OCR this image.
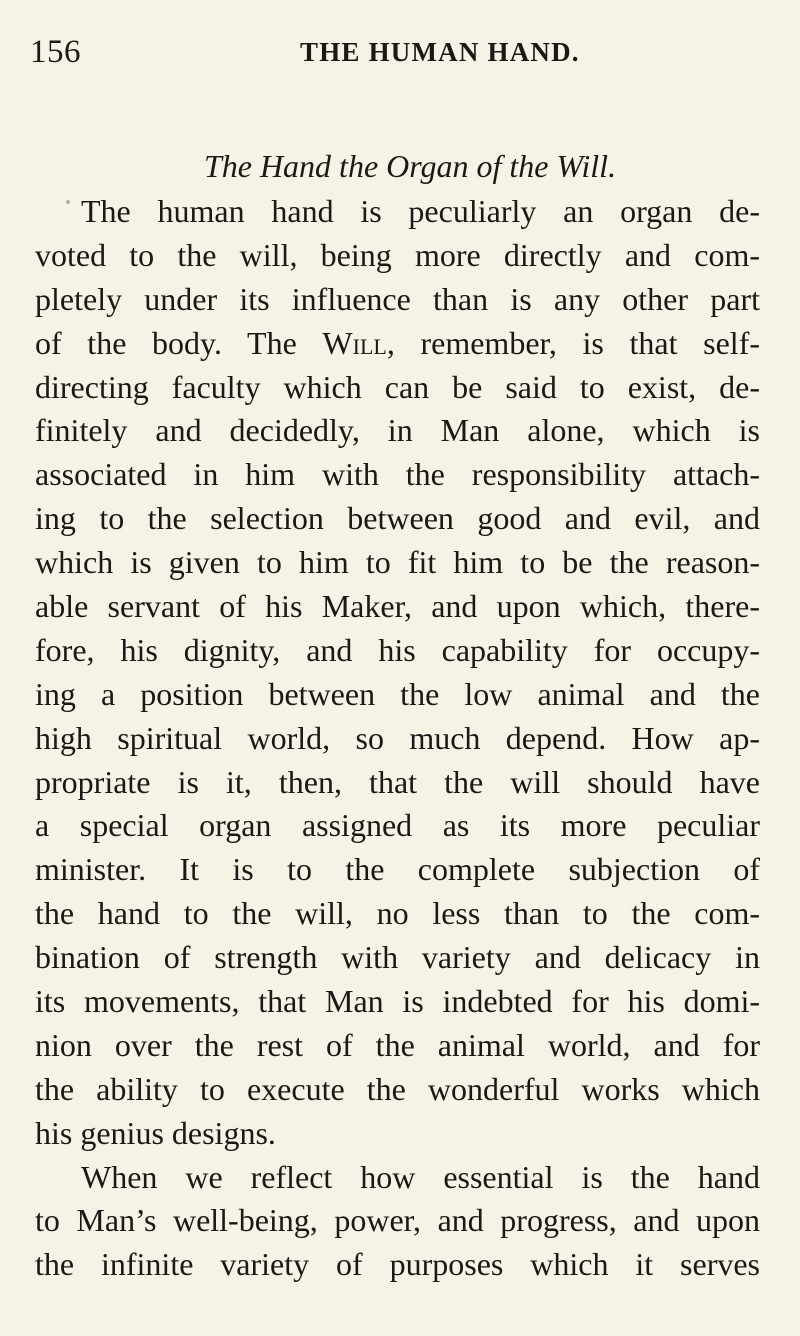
156	THE HUMAN HAND.
The Hand the Organ of the Will.
The human hand is peculiarly an organ de-
voted to the will, being more directly and com-
pletely under its influence than is any other part
of the body. The Will, remember, is that self-
directing faculty which can be said to exist, de-
finitely and decidedly, in Man alone, which is
associated in him with the responsibility attach-
ing to the selection between good and evil, and
which is given to him to fit him to be the reason-
able servant of his Maker, and upon which, there-
fore, his dignity, and his capability for occupy-
ing a position between the low animal and the
high spiritual world, so much depend. How ap-
propriate is it, then, that the will should have
a special organ assigned as its more peculiar
minister. It is to the complete subjection of
the hand to the will, no less than to the com-
bination of strength with variety and delicacy in
its movements, that Man is indebted for his domi-
nion over the rest of the animal world, and for
the ability to execute the wonderful works which
his genius designs.
When we reflect how essential is the hand
to Man’s well-being, power, and progress, and upon
the infinite variety of purposes which it serves
